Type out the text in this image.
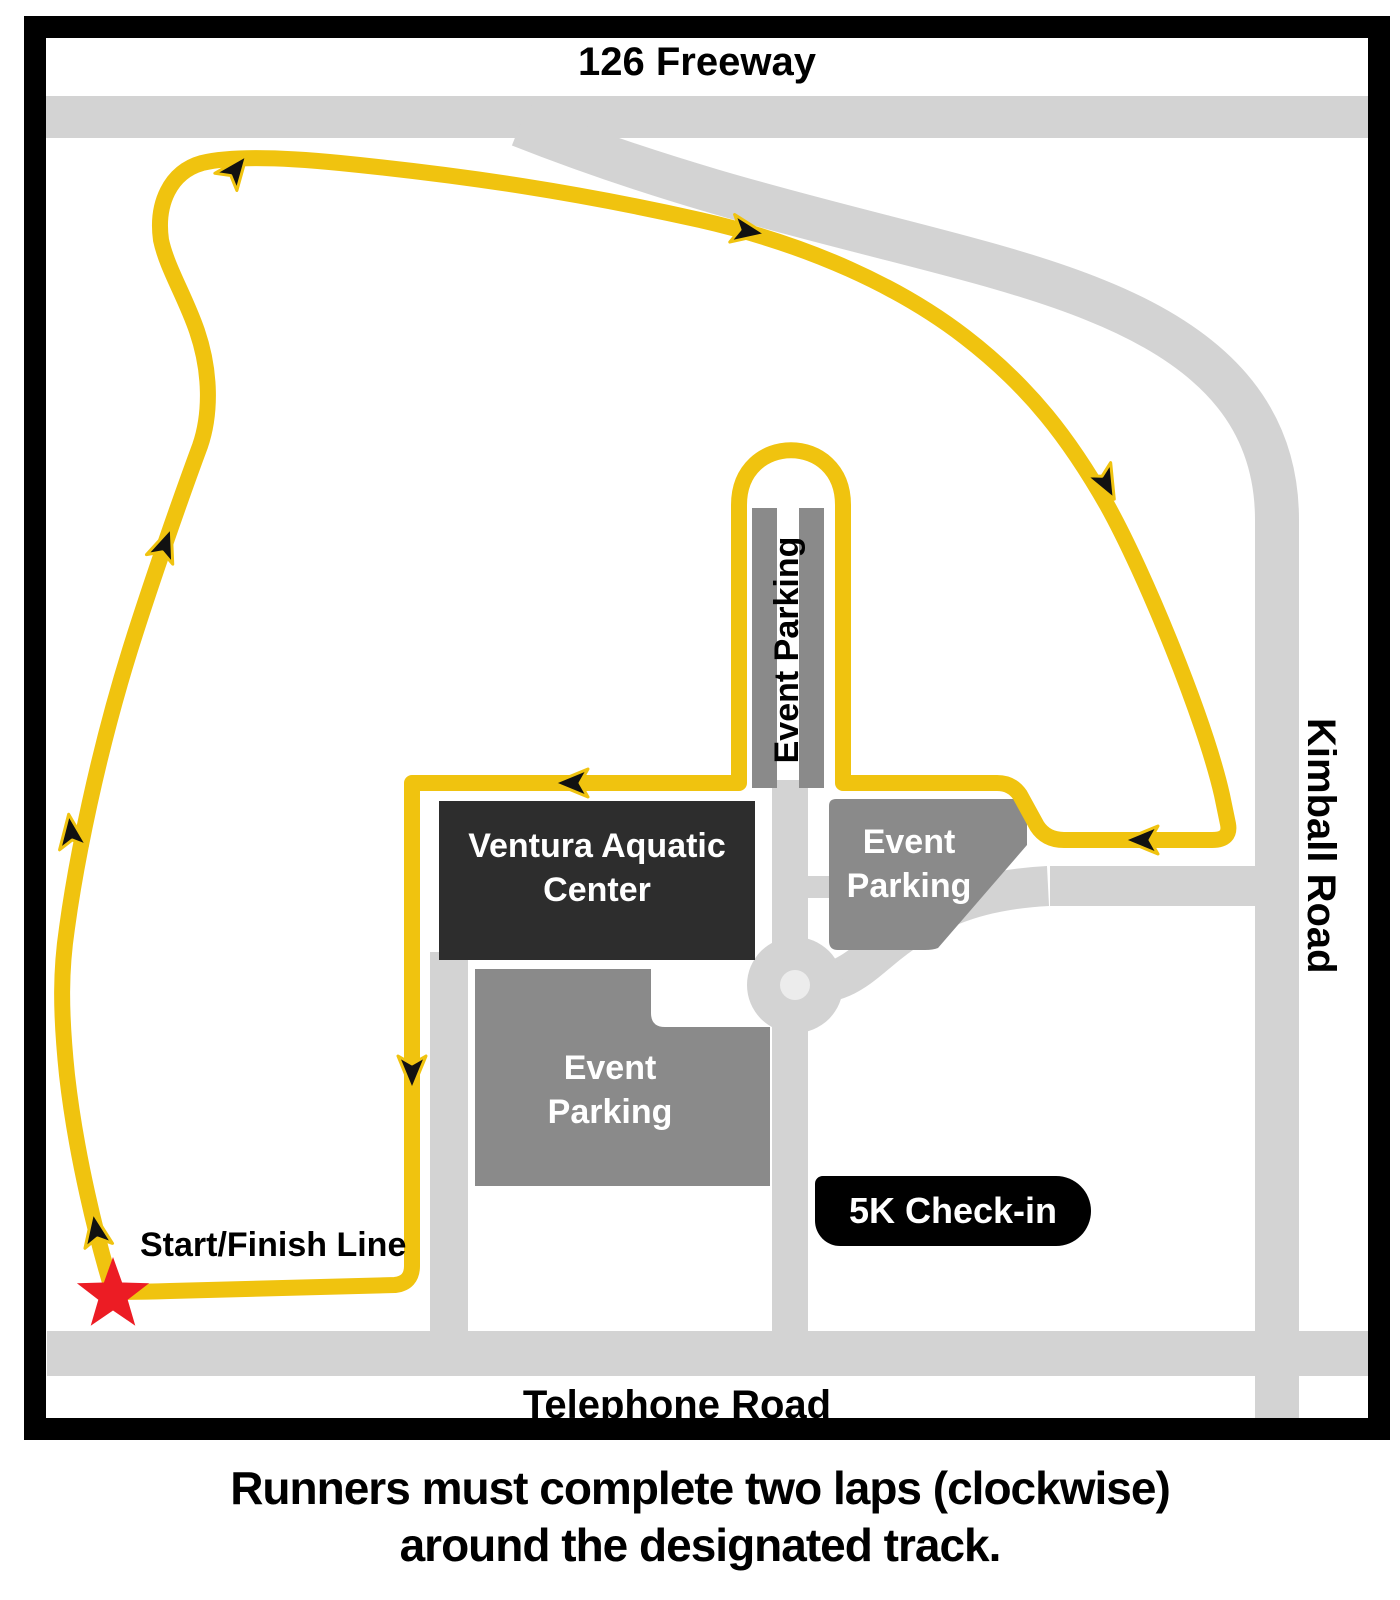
126 Freeway
Kimball Road
Telephone Road
Event Parking
Ventura Aquatic
Center
Event
Parking
Event
Parking
5K Check-in
Start/Finish Line
Runners must complete two laps (clockwise)
around the designated track.
